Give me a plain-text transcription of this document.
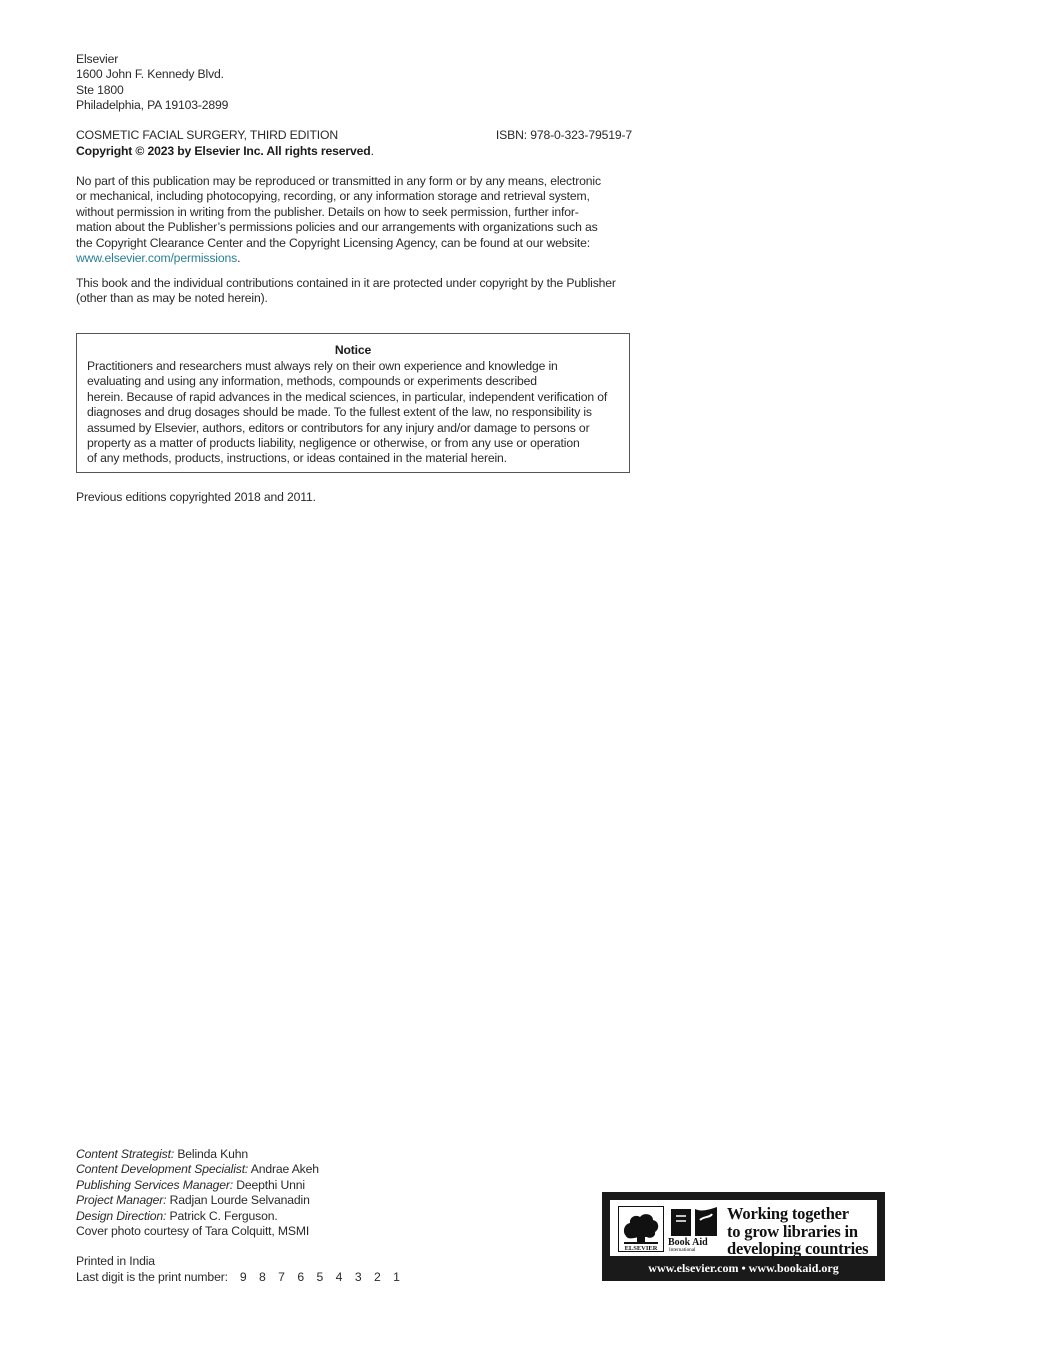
Elsevier
1600 John F. Kennedy Blvd.
Ste 1800
Philadelphia, PA 19103-2899
COSMETIC FACIAL SURGERY, THIRD EDITION	ISBN: 978-0-323-79519-7
Copyright © 2023 by Elsevier Inc. All rights reserved.
No part of this publication may be reproduced or transmitted in any form or by any means, electronic
or mechanical, including photocopying, recording, or any information storage and retrieval system,
without permission in writing from the publisher. Details on how to seek permission, further infor-
mation about the Publisher’s permissions policies and our arrangements with organizations such as
the Copyright Clearance Center and the Copyright Licensing Agency, can be found at our website:
www.elsevier.com/permissions.
This book and the individual contributions contained in it are protected under copyright by the Publisher
(other than as may be noted herein).
Notice
Practitioners and researchers must always rely on their own experience and knowledge in
evaluating and using any information, methods, compounds or experiments described
herein. Because of rapid advances in the medical sciences, in particular, independent verification of
diagnoses and drug dosages should be made. To the fullest extent of the law, no responsibility is
assumed by Elsevier, authors, editors or contributors for any injury and/or damage to persons or
property as a matter of products liability, negligence or otherwise, or from any use or operation
of any methods, products, instructions, or ideas contained in the material herein.
Previous editions copyrighted 2018 and 2011.
Content Strategist: Belinda Kuhn
Content Development Specialist: Andrae Akeh
Publishing Services Manager: Deepthi Unni
Project Manager: Radjan Lourde Selvanadin
Design Direction: Patrick C. Ferguson.
Cover photo courtesy of Tara Colquitt, MSMI
Printed in India
Last digit is the print number: 9 8 7 6 5 4 3 2 1
ELSEVIER
Book Aid
International
Working together
to grow libraries in
developing countries
www.elsevier.com • www.bookaid.org
